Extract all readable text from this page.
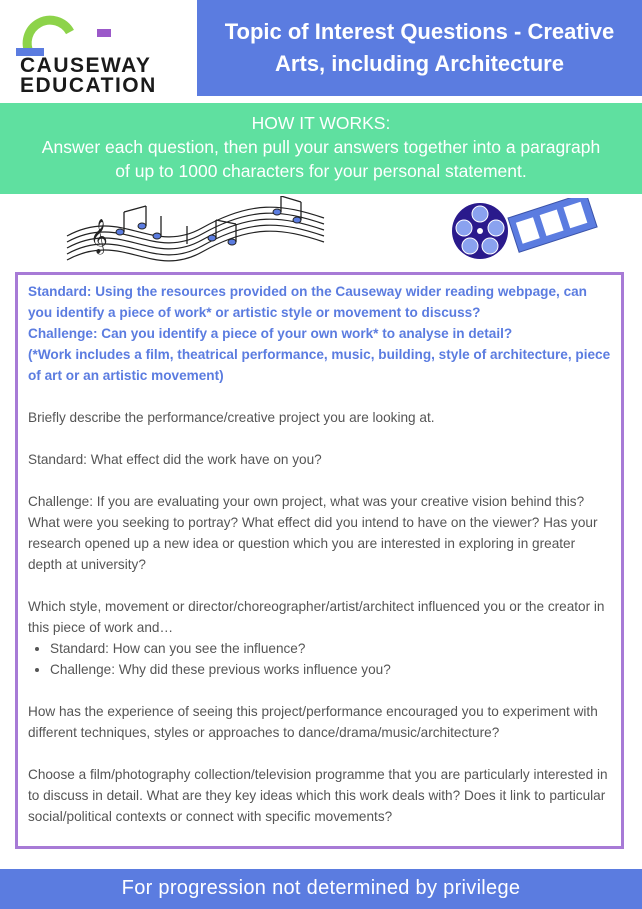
CAUSEWAY
EDUCATION
Topic of Interest Questions - Creative Arts, including Architecture
HOW IT WORKS:
Answer each question, then pull your answers together into a paragraph of up to 1000 characters for your personal statement.
𝄞
Standard: Using the resources provided on the Causeway wider reading webpage, can you identify a piece of work* or artistic style or movement to discuss?
Challenge: Can you identify a piece of your own work* to analyse in detail?
(*Work includes a film, theatrical performance, music, building, style of architecture, piece of art or an artistic movement)

Briefly describe the performance/creative project you are looking at.

Standard: What effect did the work have on you?

Challenge: If you are evaluating your own project, what was your creative vision behind this? What were you seeking to portray? What effect did you intend to have on the viewer? Has your research opened up a new idea or question which you are interested in exploring in greater depth at university?

Which style, movement or director/choreographer/artist/architect influenced you or the creator in this piece of work and…

• Standard: How can you see the influence?
• Challenge: Why did these previous works influence you?

How has the experience of seeing this project/performance encouraged you to experiment with different techniques, styles or approaches to dance/drama/music/architecture?

Choose a film/photography collection/television programme that you are particularly interested in to discuss in detail. What are they key ideas which this work deals with? Does it link to particular social/political contexts or connect with specific movements?

For progression not determined by privilege
